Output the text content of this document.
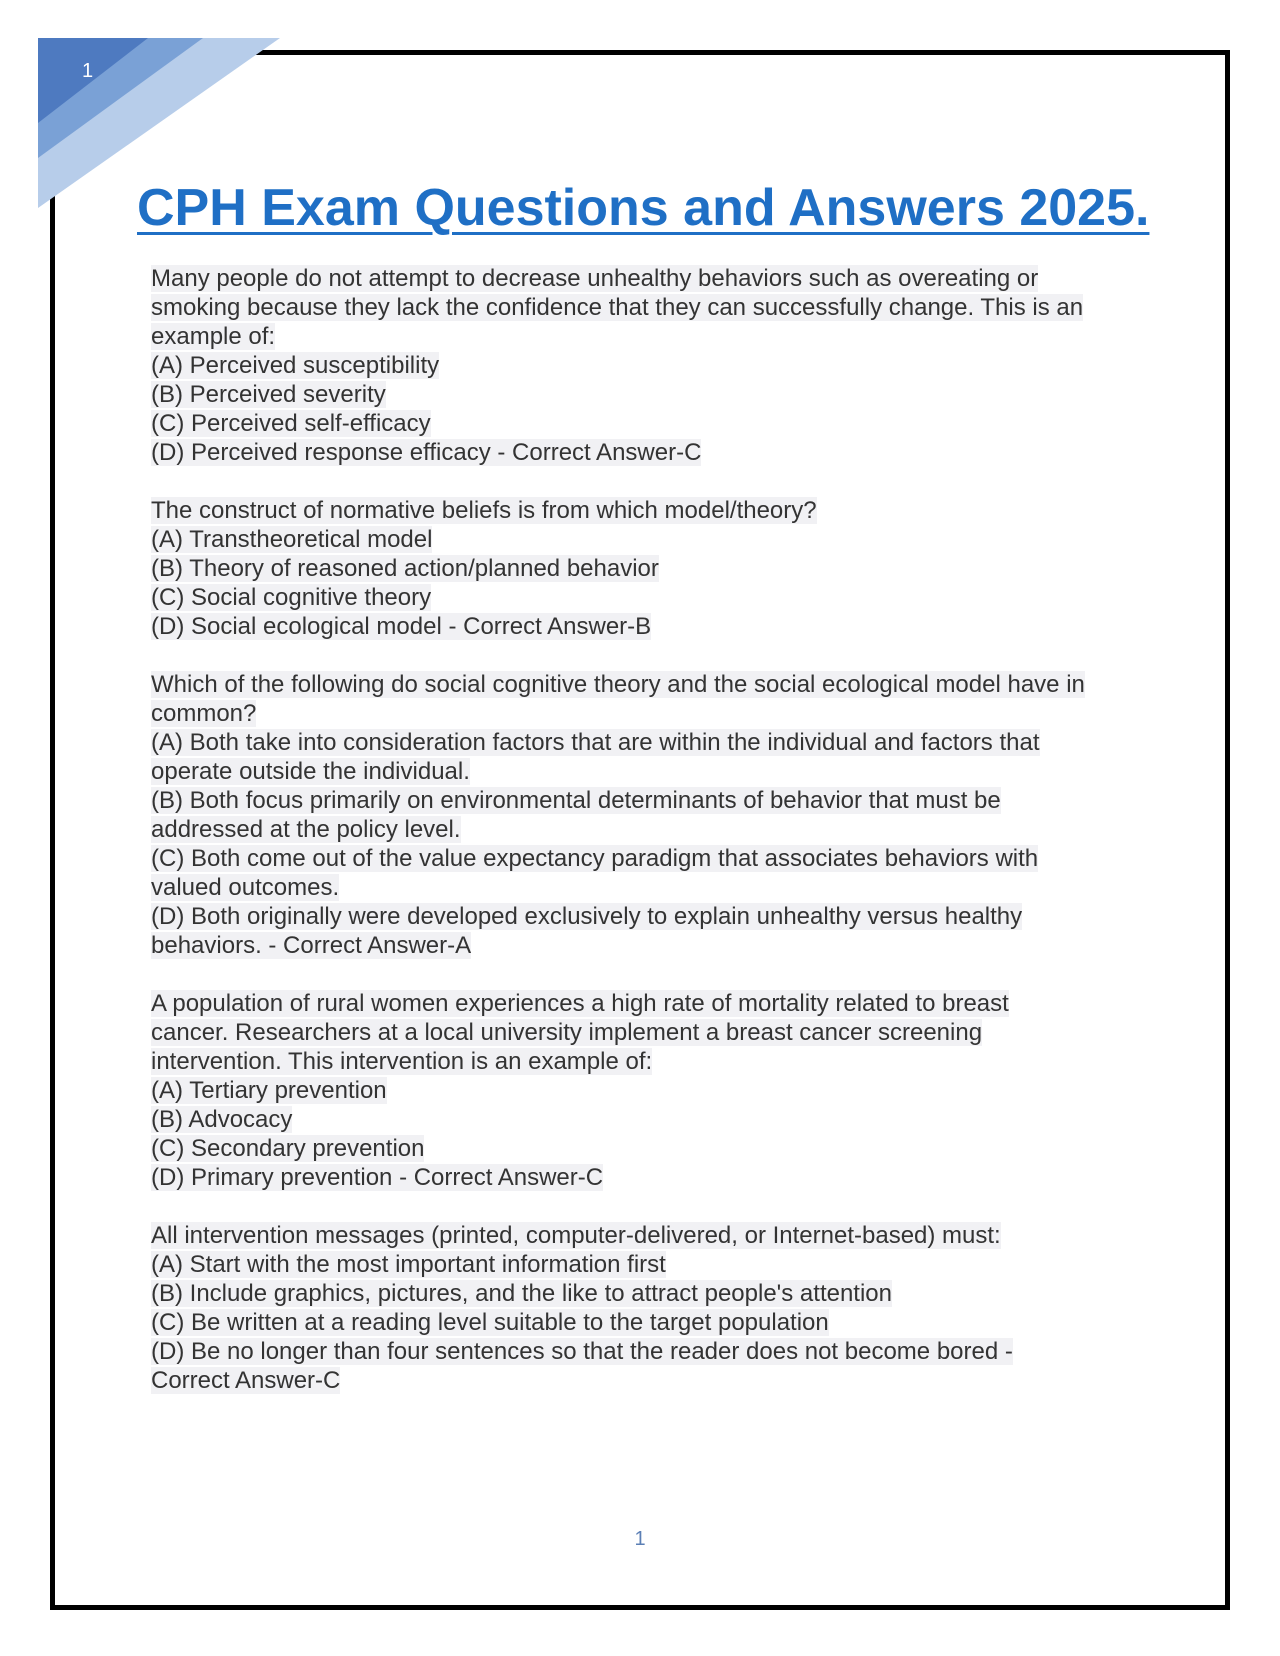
1
CPH Exam Questions and Answers 2025.
Many people do not attempt to decrease unhealthy behaviors such as overeating or
smoking because they lack the confidence that they can successfully change. This is an
example of:
(A) Perceived susceptibility
(B) Perceived severity
(C) Perceived self-efficacy
(D) Perceived response efficacy - Correct Answer-C
The construct of normative beliefs is from which model/theory?
(A) Transtheoretical model
(B) Theory of reasoned action/planned behavior
(C) Social cognitive theory
(D) Social ecological model - Correct Answer-B
Which of the following do social cognitive theory and the social ecological model have in
common?
(A) Both take into consideration factors that are within the individual and factors that
operate outside the individual.
(B) Both focus primarily on environmental determinants of behavior that must be
addressed at the policy level.
(C) Both come out of the value expectancy paradigm that associates behaviors with
valued outcomes.
(D) Both originally were developed exclusively to explain unhealthy versus healthy
behaviors. - Correct Answer-A
A population of rural women experiences a high rate of mortality related to breast
cancer. Researchers at a local university implement a breast cancer screening
intervention. This intervention is an example of:
(A) Tertiary prevention
(B) Advocacy
(C) Secondary prevention
(D) Primary prevention - Correct Answer-C
All intervention messages (printed, computer-delivered, or Internet-based) must:
(A) Start with the most important information first
(B) Include graphics, pictures, and the like to attract people's attention
(C) Be written at a reading level suitable to the target population
(D) Be no longer than four sentences so that the reader does not become bored -
Correct Answer-C
1
